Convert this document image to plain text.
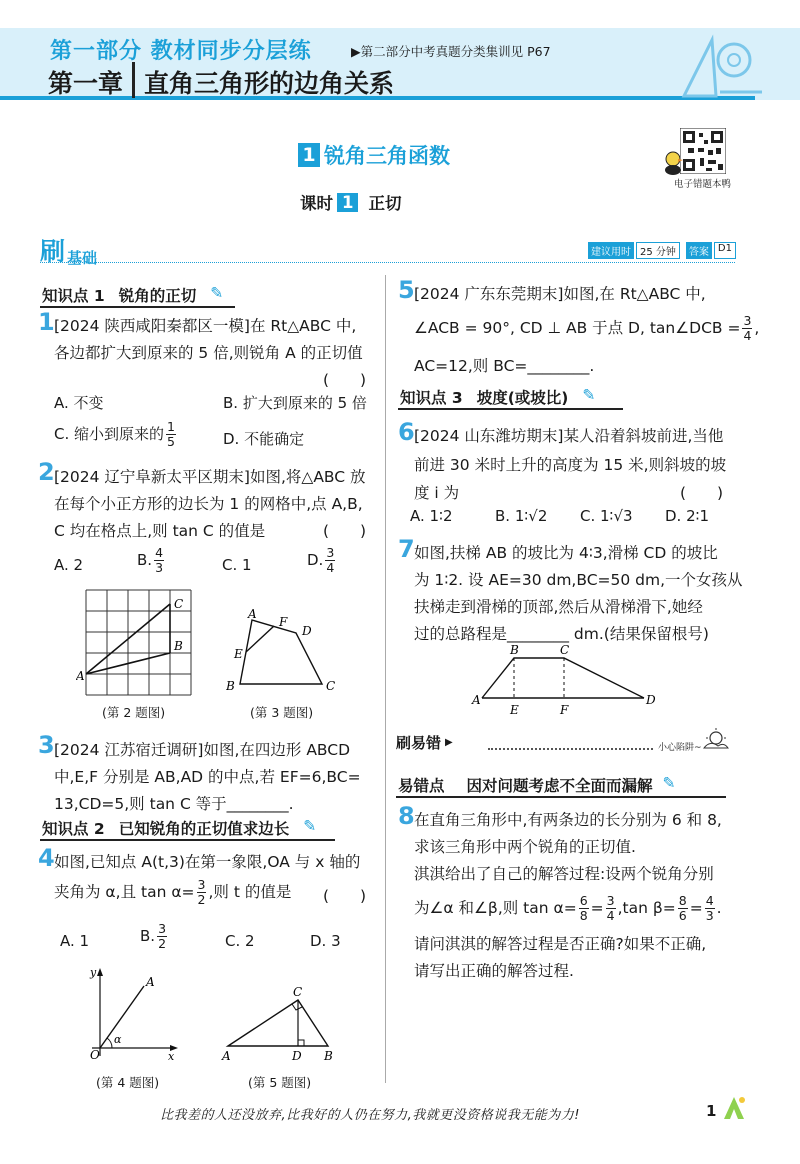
第一部分 教材同步分层练	▶第二部分中考真题分类集训见 P67
第一章 直角三角形的边角关系
1 锐角三角函数
电子错题本鸭
课时 1 正切
刷 基础	建议用时 25 分钟	答案 D1
知识点 1 锐角的正切 ✎
1 [2024 陕西咸阳秦都区一模]在 Rt△ABC 中,
各边都扩大到原来的 5 倍,则锐角 A 的正切值
(　　)
A. 不变	B. 扩大到原来的 5 倍
C. 缩小到原来的 $\frac{1}{5}$	D. 不能确定
2 [2024 辽宁阜新太平区期末]如图,将△ABC 放
在每个小正方形的边长为 1 的网格中,点 A,B,
C 均在格点上,则 tan C 的值是	(　　)
A. 2	B. $\frac{4}{3}$	C. 1	D. $\frac{3}{4}$
A
B
C
A
F
D
E
B	C
(第 2 题图)	(第 3 题图)
3 [2024 江苏宿迁调研]如图,在四边形 ABCD
中,E,F 分别是 AB,AD 的中点,若 EF=6,BC=
13,CD=5,则 tan C 等于________.
知识点 2 已知锐角的正切值求边长 ✎
4 如图,已知点 A(t,3)在第一象限,OA 与 x 轴的
夹角为 α,且 $\tan \alpha= \frac{3}{2}$ ,则 t 的值是 (　　)
A. 1	B. $\frac{3}{2}$	C. 2	D. 3
y
A
α
O	x
C
A	D B
(第 4 题图)	(第 5 题图)
5 [2024 广东东莞期末]如图,在 Rt△ABC 中,
∠ACB = 90°, CD ⊥ AB 于点 D, tan∠DCB = $\frac{3}{4}$ ,
AC=12,则 BC=________.
知识点 3 坡度(或坡比) ✎
6 [2024 山东潍坊期末]某人沿着斜坡前进,当他
前进 30 米时上升的高度为 15 米,则斜坡的坡
度 i 为	(　　)
A. 1∶2	B. 1∶√2 C. 1∶√3 D. 2∶1
7 如图,扶梯 AB 的坡比为 4∶3,滑梯 CD 的坡比
为 1∶2. 设 AE=30 dm,BC=50 dm,一个女孩从
扶梯走到滑梯的顶部,然后从滑梯滑下,她经
过的总路程是________ dm.(结果保留根号)
B	C
A	D
E	F
刷易错 ▶	小心陷阱~
易错点 因对问题考虑不全面而漏解 ✎
8 在直角三角形中,有两条边的长分别为 6 和 8,
求该三角形中两个锐角的正切值.
淇淇给出了自己的解答过程:设两个锐角分别
为∠α 和∠β,则 $\tan \alpha= \frac{6}{8} = \frac{3}{4} ,\tan$ $\beta= \frac{8}{6} = \frac{4}{3}$ .
请问淇淇的解答过程是否正确?如果不正确,
请写出正确的解答过程.
比我差的人还没放弃,比我好的人仍在努力,我就更没资格说我无能为力!	1
